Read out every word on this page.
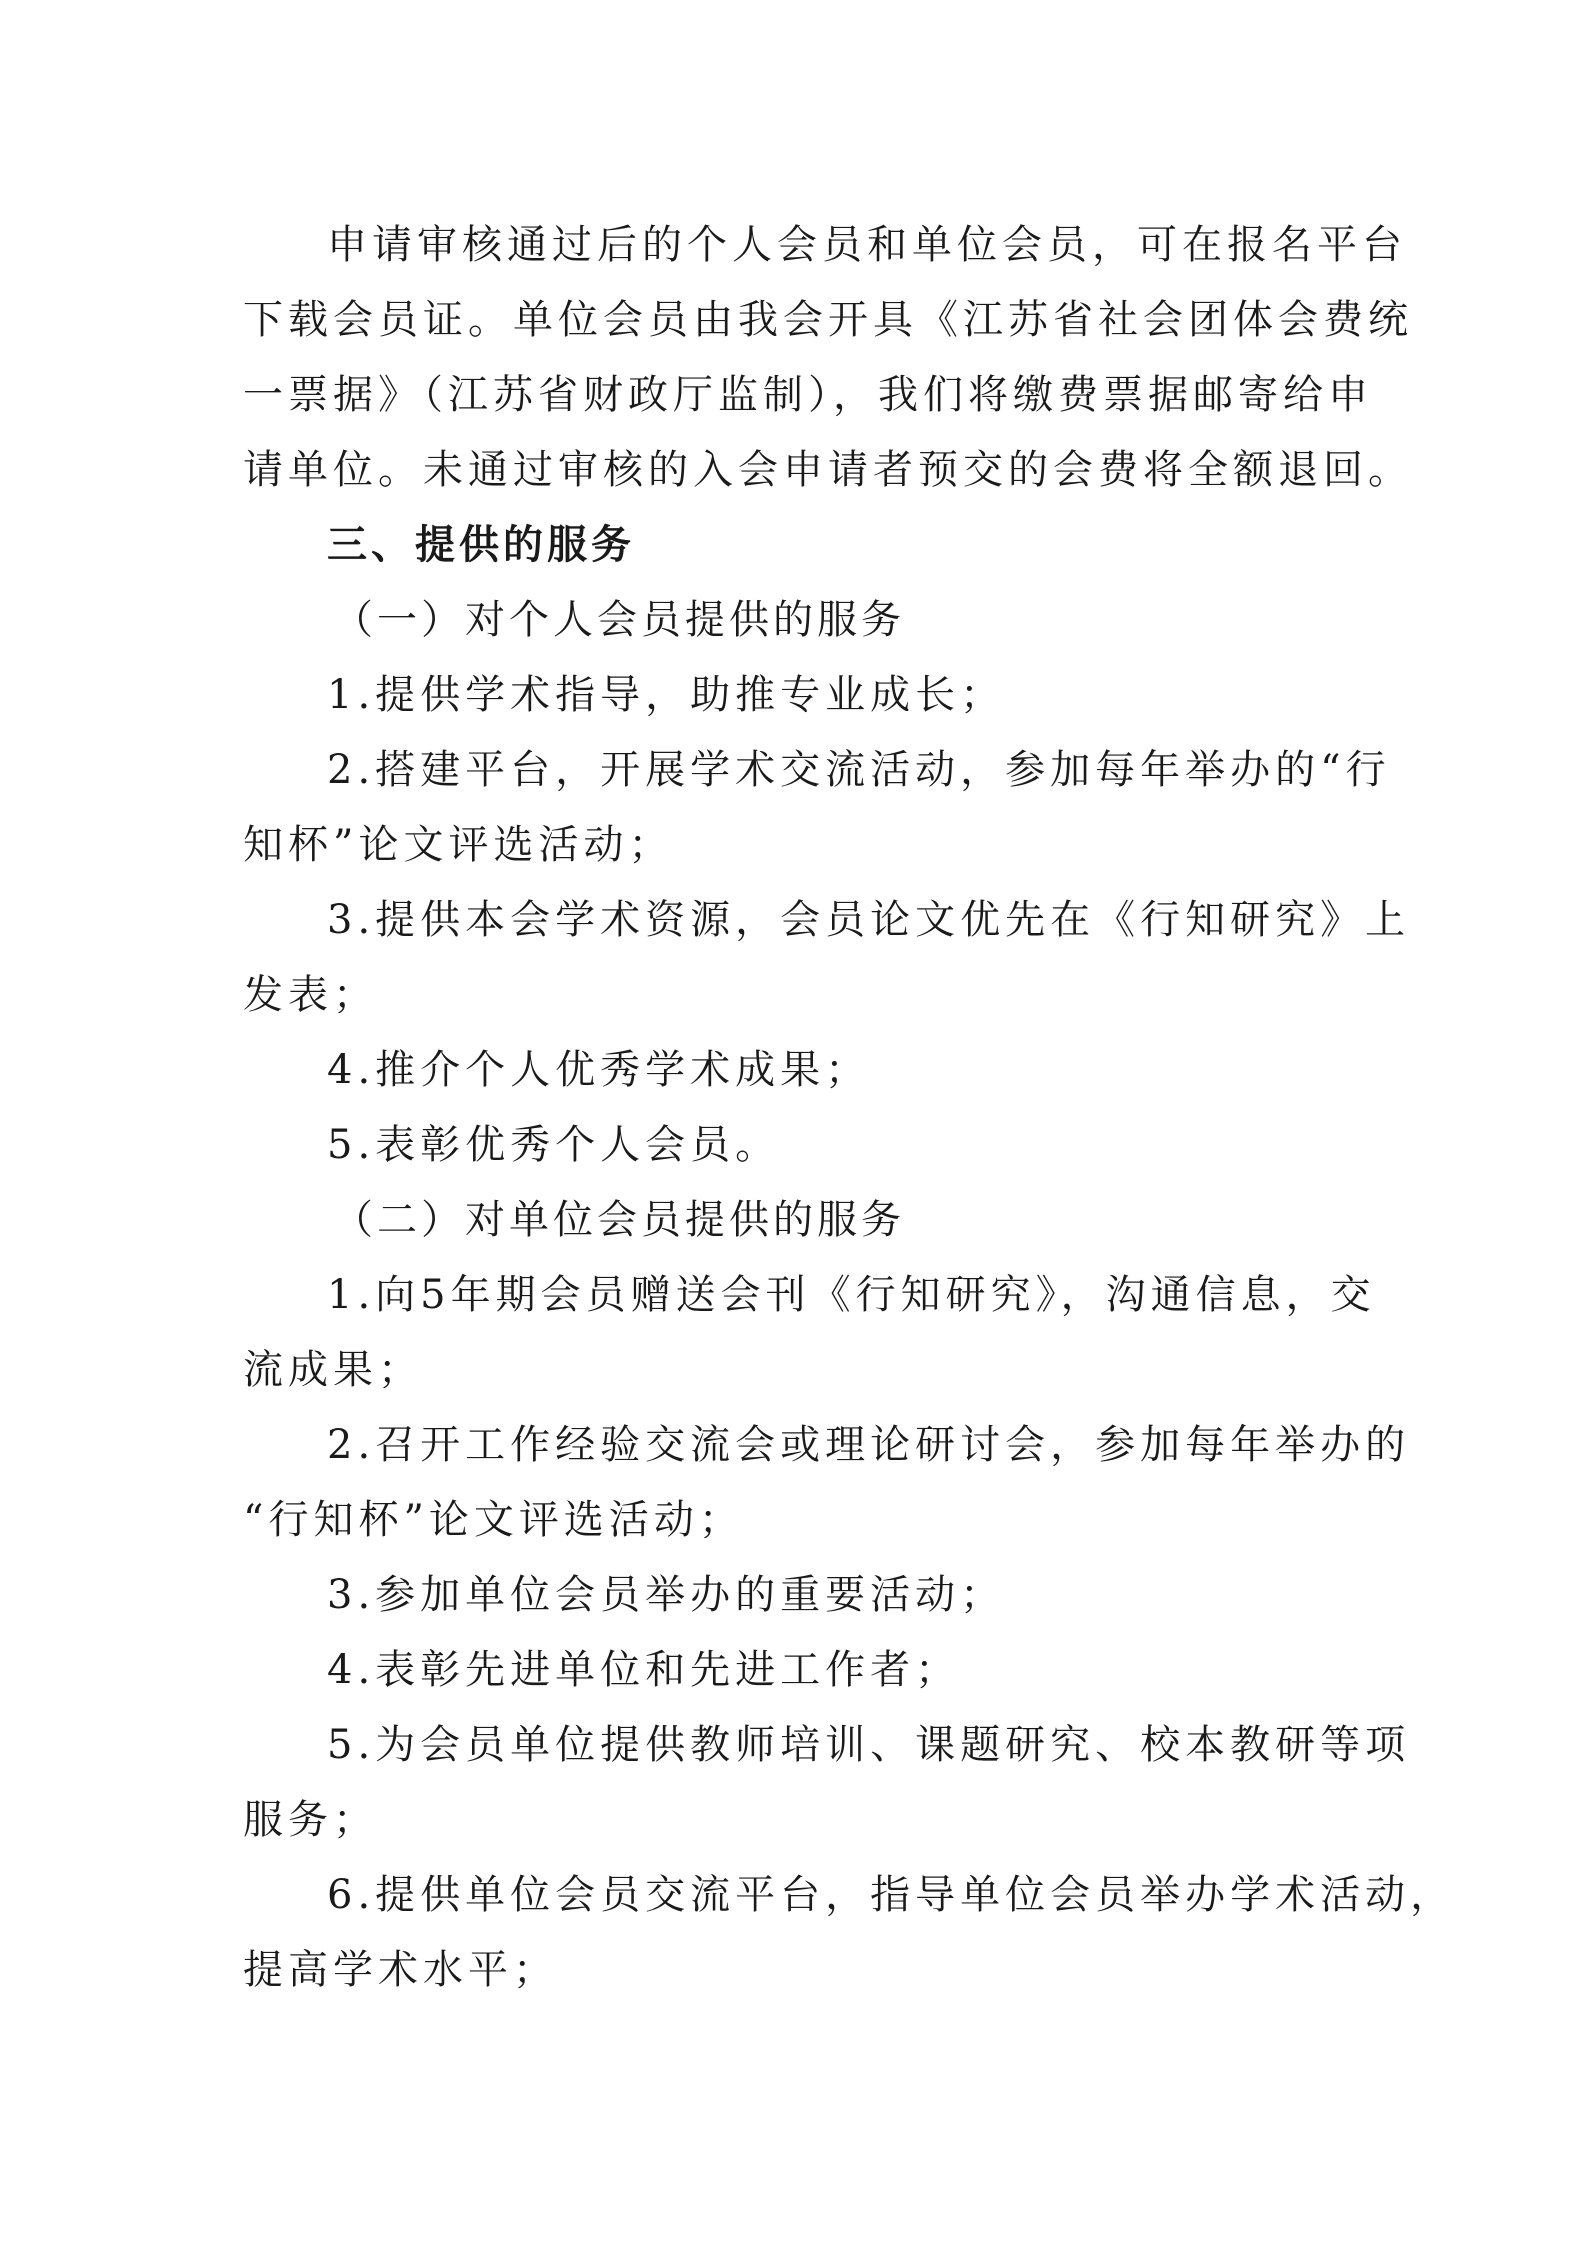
申请审核通过后的个人会员和单位会员，可在报名平台

下载会员证。单位会员由我会开具《江苏省社会团体会费统

一票据》（江苏省财政厅监制），我们将缴费票据邮寄给申

请单位。未通过审核的入会申请者预交的会费将全额退回。

三、提供的服务

（一）对个人会员提供的服务

1.提供学术指导，助推专业成长；

2.搭建平台，开展学术交流活动，参加每年举办的“行

知杯”论文评选活动；

3.提供本会学术资源，会员论文优先在《行知研究》上

发表；

4.推介个人优秀学术成果；

5.表彰优秀个人会员。

（二）对单位会员提供的服务

1.向5年期会员赠送会刊《行知研究》，沟通信息，交

流成果；

2.召开工作经验交流会或理论研讨会，参加每年举办的

“行知杯”论文评选活动；

3.参加单位会员举办的重要活动；

4.表彰先进单位和先进工作者；

5.为会员单位提供教师培训、课题研究、校本教研等项

服务；

6.提供单位会员交流平台，指导单位会员举办学术活动，

提高学术水平；
